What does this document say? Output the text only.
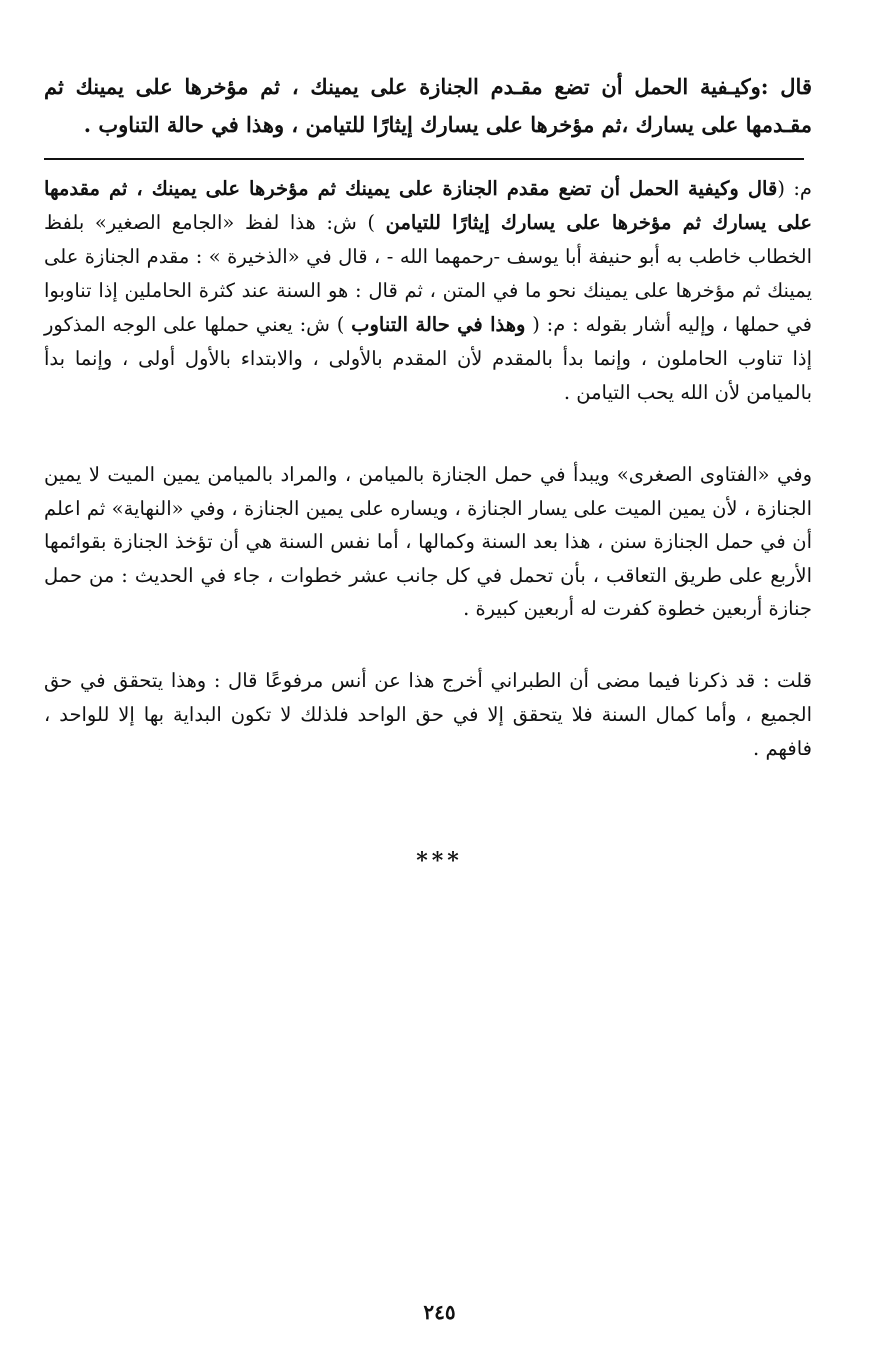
قال :وكيـفية الحمل أن تضع مقـدم الجنازة على يمينك ، ثم مؤخرها على يمينك ثم مقـدمها على يسارك ،ثم مؤخرها على يسارك إيثارًا للتيامن ، وهذا في حالة التناوب .

م: (قال وكيفية الحمل أن تضع مقدم الجنازة على يمينك ثم مؤخرها على يمينك ، ثم مقدمها على يسارك ثم مؤخرها على يسارك إيثارًا للتيامن ) ش: هذا لفظ «الجامع الصغير» بلفظ الخطاب خاطب به أبو حنيفة أبا يوسف -رحمهما الله - ، قال في «الذخيرة » : مقدم الجنازة على يمينك ثم مؤخرها على يمينك نحو ما في المتن ، ثم قال : هو السنة عند كثرة الحاملين إذا تناوبوا في حملها ، وإليه أشار بقوله : م: ( وهذا في حالة التناوب ) ش: يعني حملها على الوجه المذكور إذا تناوب الحاملون ، وإنما بدأ بالمقدم لأن المقدم بالأولى ، والابتداء بالأول أولى ، وإنما بدأ بالميامن لأن الله يحب التيامن .

وفي «الفتاوى الصغرى» ويبدأ في حمل الجنازة بالميامن ، والمراد بالميامن يمين الميت لا يمين الجنازة ، لأن يمين الميت على يسار الجنازة ، ويساره على يمين الجنازة ، وفي «النهاية» ثم اعلم أن في حمل الجنازة سنن ، هذا بعد السنة وكمالها ، أما نفس السنة هي أن تؤخذ الجنازة بقوائمها الأربع على طريق التعاقب ، بأن تحمل في كل جانب عشر خطوات ، جاء في الحديث : من حمل جنازة أربعين خطوة كفرت له أربعين كبيرة .

قلت : قد ذكرنا فيما مضى أن الطبراني أخرج هذا عن أنس مرفوعًا قال : وهذا يتحقق في حق الجميع ، وأما كمال السنة فلا يتحقق إلا في حق الواحد فلذلك لا تكون البداية بها إلا للواحد ، فافهم .

***
٢٤٥
